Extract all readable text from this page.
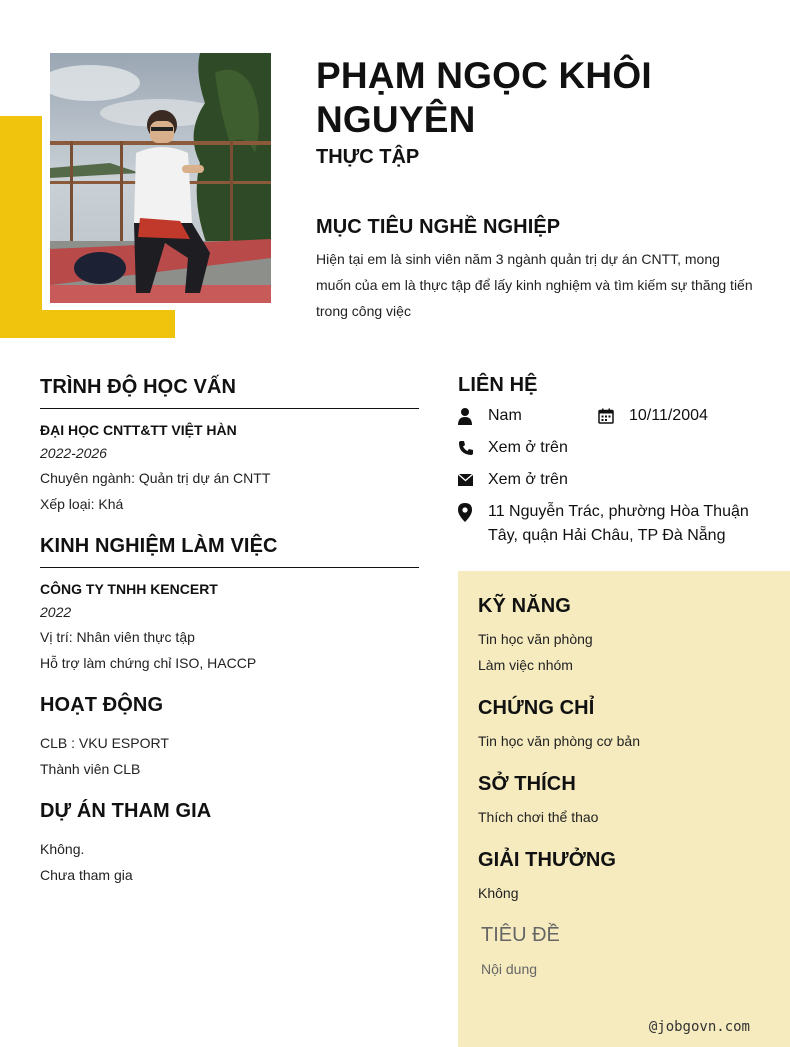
PHẠM NGỌC KHÔI NGUYÊN
THỰC TẬP
MỤC TIÊU NGHỀ NGHIỆP
Hiện tại em là sinh viên năm 3 ngành quản trị dự án CNTT, mong muốn của em là thực tập để lấy kinh nghiệm và tìm kiếm sự thăng tiến trong công việc
TRÌNH ĐỘ HỌC VẤN
ĐẠI HỌC CNTT&TT VIỆT HÀN
2022-2026
Chuyên ngành: Quản trị dự án CNTT
Xếp loại: Khá
KINH NGHIỆM LÀM VIỆC
CÔNG TY TNHH KENCERT
2022
Vị trí: Nhân viên thực tập
Hỗ trợ làm chứng chỉ ISO, HACCP
HOẠT ĐỘNG
CLB : VKU ESPORT
Thành viên CLB
DỰ ÁN THAM GIA
Không.
Chưa tham gia
LIÊN HỆ
Nam	10/11/2004
Xem ở trên
Xem ở trên
11 Nguyễn Trác, phường Hòa Thuận Tây, quận Hải Châu, TP Đà Nẵng
KỸ NĂNG
Tin học văn phòng
Làm việc nhóm
CHỨNG CHỈ
Tin học văn phòng cơ bản
SỞ THÍCH
Thích chơi thể thao
GIẢI THƯỞNG
Không
TIÊU ĐỀ
Nội dung
@jobgovn.com
